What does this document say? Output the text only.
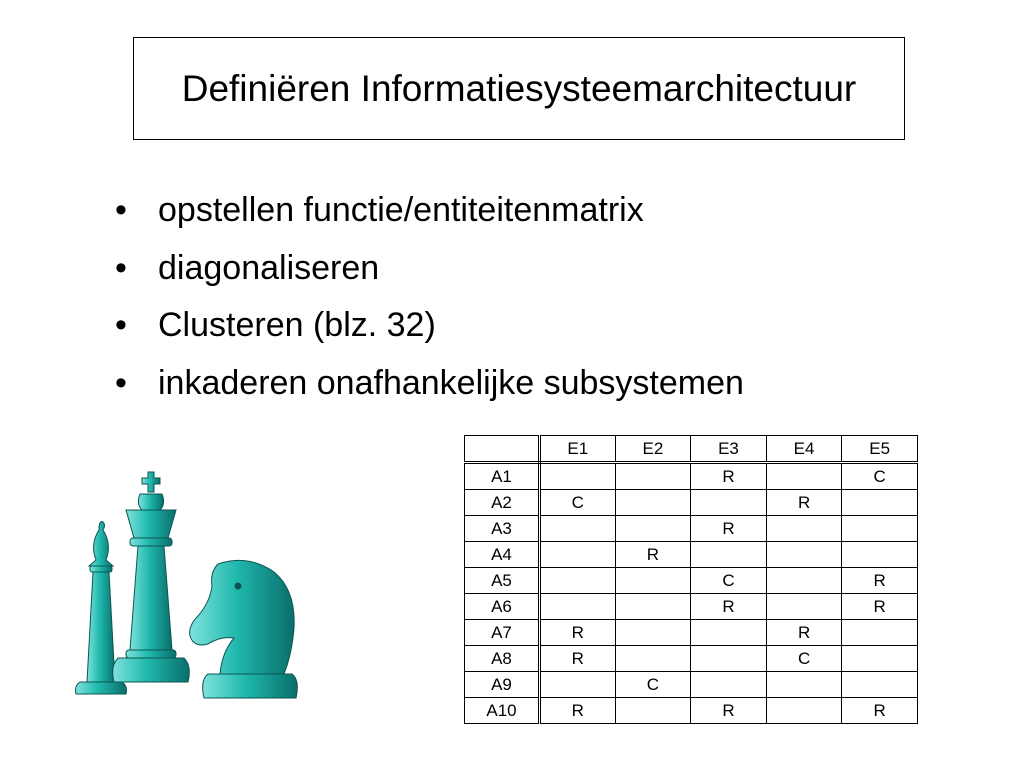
Definiëren Informatiesysteemarchitectuur
• opstellen functie/entiteitenmatrix
• diagonaliseren
• Clusteren (blz. 32)
• inkaderen onafhankelijke subsystemen
	E1	E2	E3	E4	E5
A1			R		C
A2	C			R	
A3			R		
A4		R			
A5			C		R
A6			R		R
A7	R			R	
A8	R			C	
A9		C			
A10	R		R		R
